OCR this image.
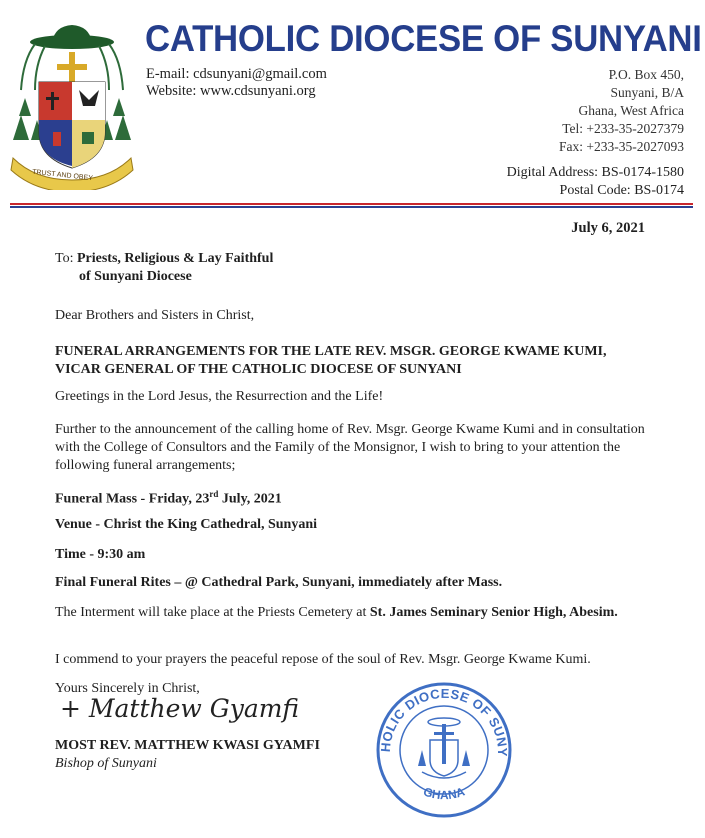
TRUST AND OBEY
CATHOLIC DIOCESE OF SUNYANI
E-mail: cdsunyani@gmail.com
Website: www.cdsunyani.org
P.O. Box 450,
Sunyani, B/A
Ghana, West Africa
Tel: +233-35-2027379
Fax: +233-35-2027093
Digital Address: BS-0174-1580
Postal Code: BS-0174
July 6, 2021
To: Priests, Religious & Lay Faithful
of Sunyani Diocese
Dear Brothers and Sisters in Christ,
FUNERAL ARRANGEMENTS FOR THE LATE REV. MSGR. GEORGE KWAME KUMI,
VICAR GENERAL OF THE CATHOLIC DIOCESE OF SUNYANI
Greetings in the Lord Jesus, the Resurrection and the Life!
Further to the announcement of the calling home of Rev. Msgr. George Kwame Kumi and in consultation with the College of Consultors and the Family of the Monsignor, I wish to bring to your attention the following funeral arrangements;
Funeral Mass - Friday, 23rd July, 2021
Venue - Christ the King Cathedral, Sunyani
Time - 9:30 am
Final Funeral Rites – @ Cathedral Park, Sunyani, immediately after Mass.
The Interment will take place at the Priests Cemetery at St. James Seminary Senior High, Abesim.
I commend to your prayers the peaceful repose of the soul of Rev. Msgr. George Kwame Kumi.
Yours Sincerely in Christ,
+ Matthew Gyamfi
MOST REV. MATTHEW KWASI GYAMFI
Bishop of Sunyani
HOLIC DIOCESE OF SUNY
GHANA
